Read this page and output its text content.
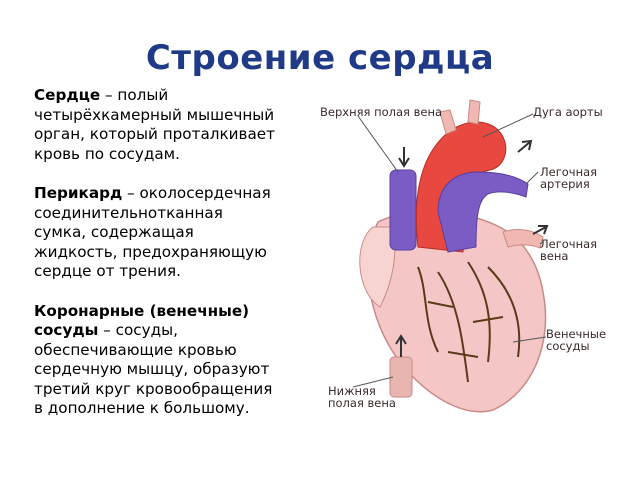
Строение сердца

Сердце – полый
четырёхкамерный мышечный
орган, который проталкивает
кровь по сосудам.

Перикард – околосердечная
соединительнотканная
сумка, содержащая
жидкость, предохраняющую
сердце от трения.

Коронарные (венечные)
сосуды – сосуды,
обеспечивающие кровью
сердечную мышцу, образуют
третий круг кровообращения
в дополнение к большому.

Верхняя полая вена	Дуга аорты
Легочная
артерия
Легочная
вена
Венечные
сосуды
Нижняя
полая вена
